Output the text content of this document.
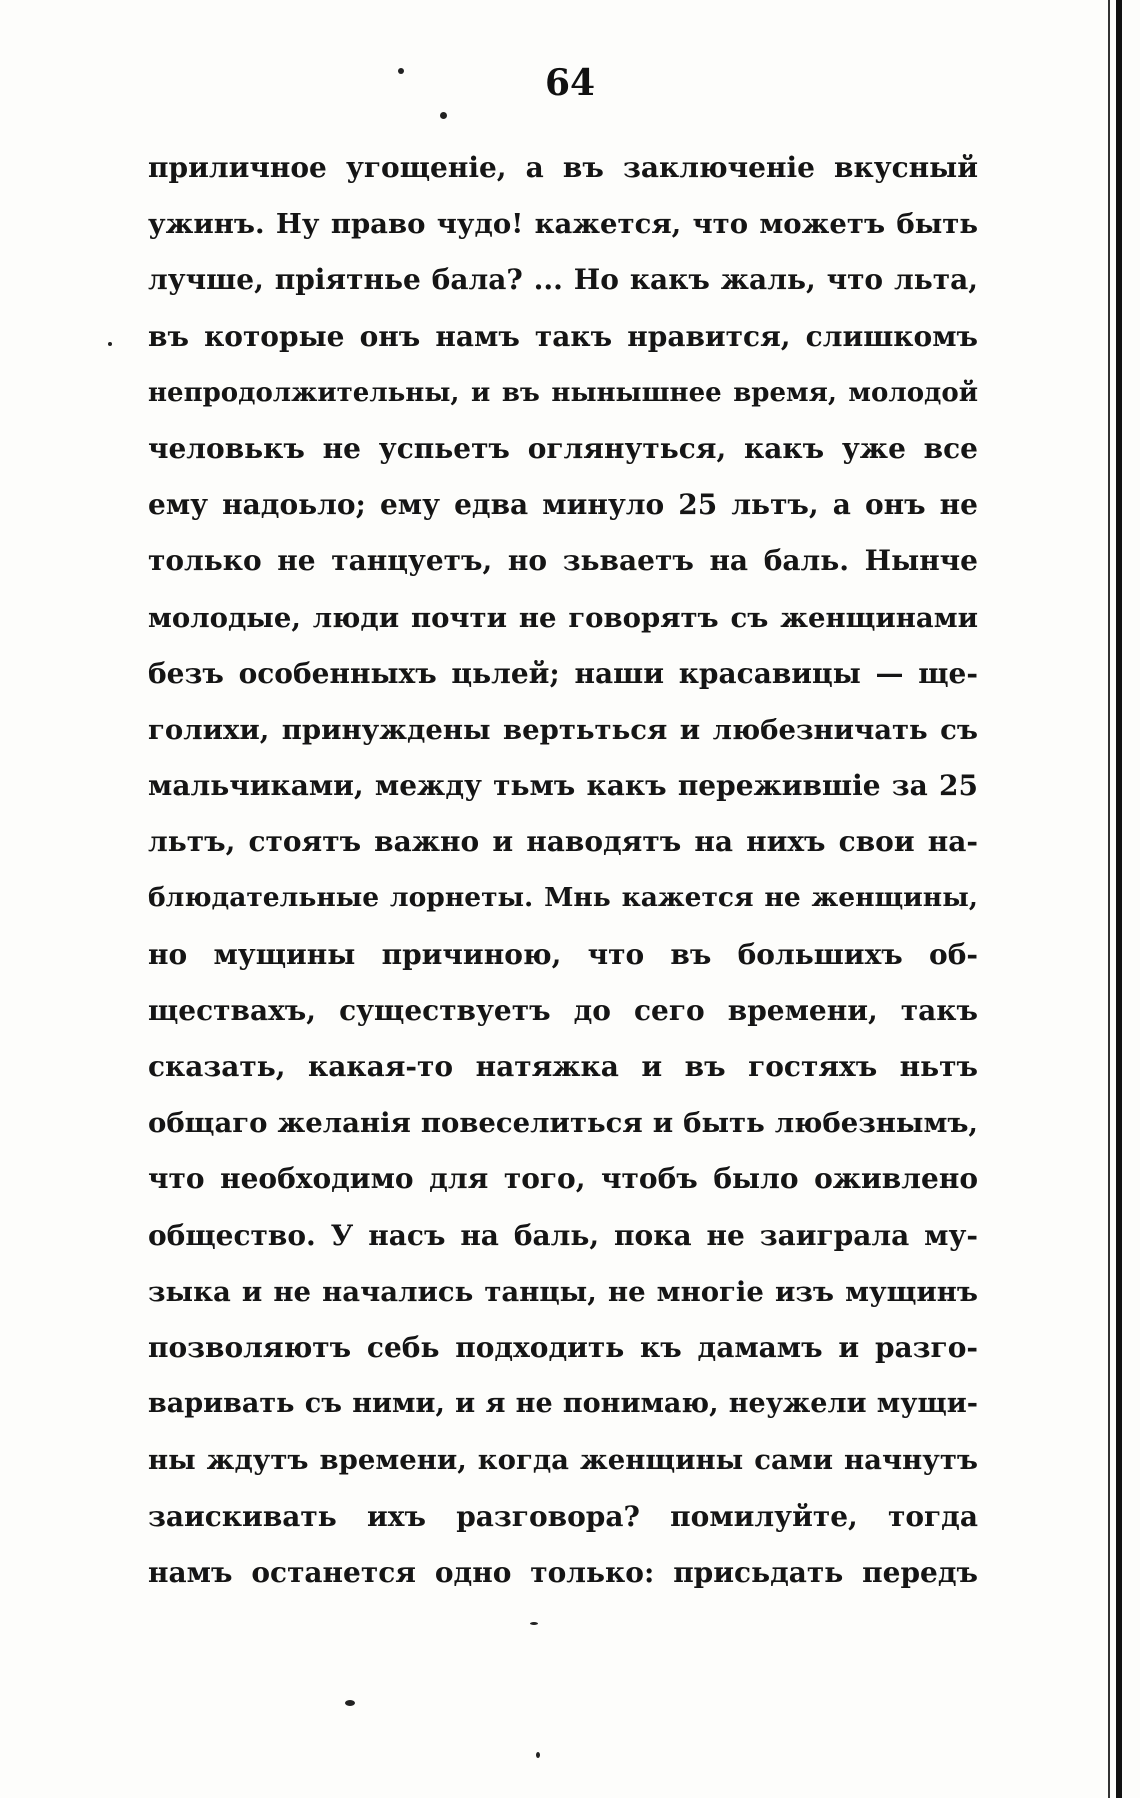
64
приличное угощеніе, а въ заключеніе вкусный
ужинъ. Ну право чудо! кажется, что можетъ быть
лучше, пріятнье бала? ... Но какъ жаль, что льта,
въ которые онъ намъ такъ нравится, слишкомъ
непродолжительны, и въ нынышнее время, молодой
человькъ не успьетъ оглянуться, какъ уже все
ему надоьло; ему едва минуло 25 льтъ, а онъ не
только не танцуетъ, но зьваетъ на баль. Нынче
молодые, люди почти не говорятъ съ женщинами
безъ особенныхъ цьлей; наши красавицы — ще-
голихи, принуждены вертьться и любезничать съ
мальчиками, между тьмъ какъ пережившіе за 25
льтъ, стоятъ важно и наводятъ на нихъ свои на-
блюдательные лорнеты. Мнь кажется не женщины,
но мущины причиною, что въ большихъ об-
ществахъ, существуетъ до сего времени, такъ
сказать, какая-то натяжка и въ гостяхъ ньтъ
общаго желанія повеселиться и быть любезнымъ,
что необходимо для того, чтобъ было оживлено
общество. У насъ на баль, пока не заиграла му-
зыка и не начались танцы, не многіе изъ мущинъ
позволяютъ себь подходить къ дамамъ и разго-
варивать съ ними, и я не понимаю, неужели мущи-
ны ждутъ времени, когда женщины сами начнутъ
заискивать ихъ разговора? помилуйте, тогда
намъ останется одно только: присьдать передъ
